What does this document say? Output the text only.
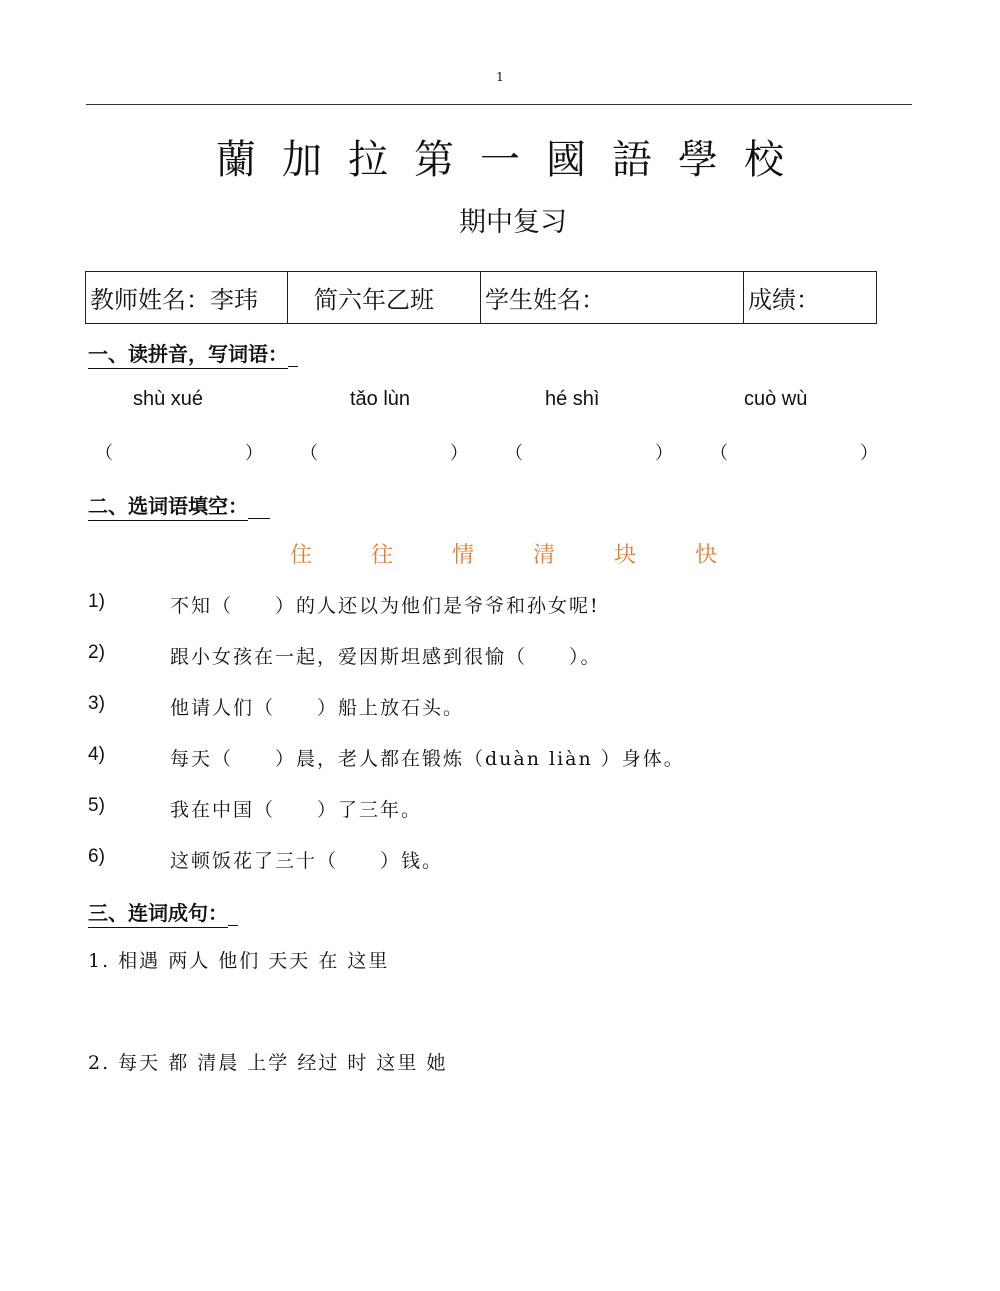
1
蘭加拉第一國語學校
期中复习
教师姓名：李玮	简六年乙班	学生姓名：	成绩：
一、读拼音，写词语：
shù xué	tǎo lùn	hé shì	cuò wù
（	） （	） （	） （	）
二、选词语填空：
住	往	情	清	块	快
1)	不知（　　）的人还以为他们是爷爷和孙女呢!
2)	跟小女孩在一起，爱因斯坦感到很愉（　　）。
3)	他请人们（　　）船上放石头。
4)	每天（　　）晨，老人都在锻炼（duàn liàn ）身体。
5)	我在中国（　　）了三年。
6)	这顿饭花了三十（　　）钱。
三、连词成句：
1. 相遇 两人 他们 天天 在 这里
2. 每天 都 清晨 上学 经过 时 这里 她
